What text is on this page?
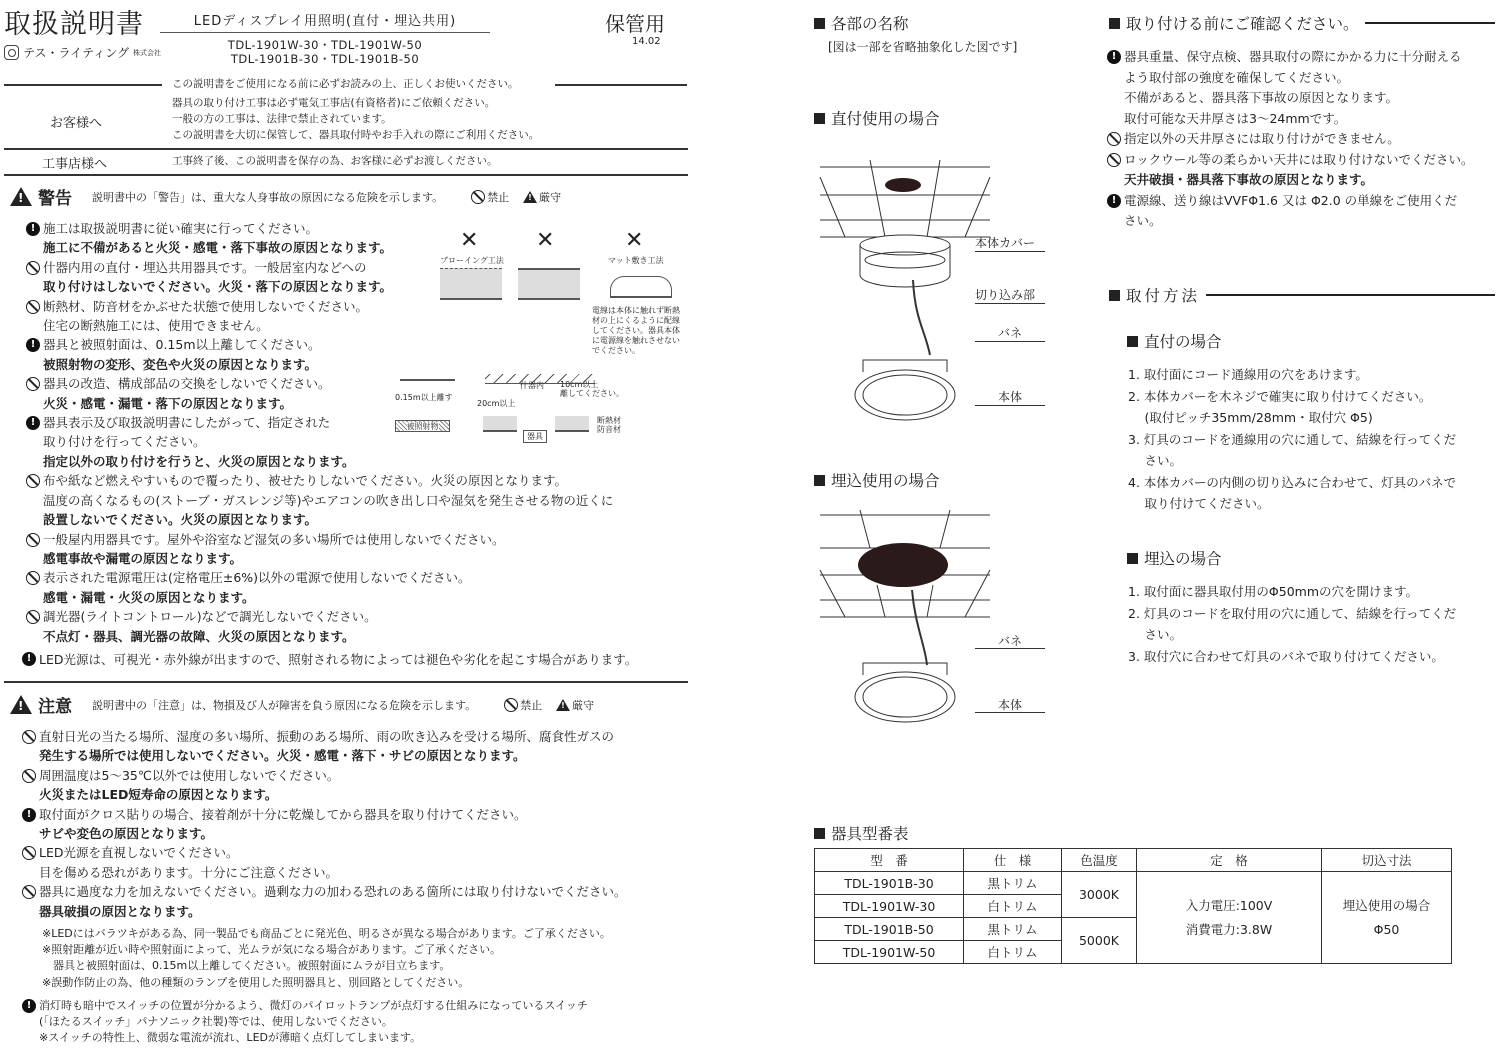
取扱説明書
テス・ライティング 株式会社
LEDディスプレイ用照明(直付・埋込共用)
TDL-1901W-30・TDL-1901W-50
TDL-1901B-30・TDL-1901B-50
保管用
14.02
この説明書をご使用になる前に必ずお読みの上、正しくお使いください。
お客様へ
器具の取り付け工事は必ず電気工事店(有資格者)にご依頼ください。
一般の方の工事は、法律で禁止されています。
この説明書を大切に保管して、器具取付時やお手入れの際にご利用ください。
工事店様へ	工事終了後、この説明書を保存の為、お客様に必ずお渡しください。
!
警告 説明書中の「警告」は、重大な人身事故の原因になる危険を示します。	禁止 !	厳守
! 施工は取扱説明書に従い確実に行ってください。
施工に不備があると火災・感電・落下事故の原因となります。
什器内用の直付・埋込共用器具です。一般居室内などへの
取り付けはしないでください。火災・落下の原因となります。
断熱材、防音材をかぶせた状態で使用しないでください。
住宅の断熱施工には、使用できません。
! 器具と被照射面は、0.15m以上離してください。
被照射物の変形、変色や火災の原因となります。
器具の改造、構成部品の交換をしないでください。
火災・感電・漏電・落下の原因となります。
! 器具表示及び取扱説明書にしたがって、指定された
取り付けを行ってください。
指定以外の取り付けを行うと、火災の原因となります。
布や紙など燃えやすいもので覆ったり、被せたりしないでください。火災の原因となります。
温度の高くなるもの(ストーブ・ガスレンジ等)やエアコンの吹き出し口や湿気を発生させる物の近くに
設置しないでください。火災の原因となります。
一般屋内用器具です。屋外や浴室など湿気の多い場所では使用しないでください。
感電事故や漏電の原因となります。
表示された電源電圧は(定格電圧±6%)以外の電源で使用しないでください。
感電・漏電・火災の原因となります。
調光器(ライトコントロール)などで調光しないでください。
不点灯・器具、調光器の故障、火災の原因となります。
✕
ブローイング工法
✕	✕
マット敷き工法
電線は本体に触れず断熱
材の上にくるように配線
してください。器具本体
に電源線を触れさせない
でください。
0.15m以上離す
被照射物
什器内 10cm以上
離してください。
20cm以上
器具
断熱材
防音材
! LED光源は、可視光・赤外線が出ますので、照射される物によっては褪色や劣化を起こす場合があります。
!
注意 説明書中の「注意」は、物損及び人が障害を負う原因になる危険を示します。	禁止 !	厳守
直射日光の当たる場所、湿度の多い場所、振動のある場所、雨の吹き込みを受ける場所、腐食性ガスの
発生する場所では使用しないでください。火災・感電・落下・サビの原因となります。
周囲温度は5〜35℃以外では使用しないでください。
火災またはLED短寿命の原因となります。
! 取付面がクロス貼りの場合、接着剤が十分に乾燥してから器具を取り付けてください。
サビや変色の原因となります。
LED光源を直視しないでください。
目を傷める恐れがあります。十分にご注意ください。
器具に過度な力を加えないでください。過剰な力の加わる恐れのある箇所には取り付けないでください。
器具破損の原因となります。
※LEDにはバラツキがある為、同一製品でも商品ごとに発光色、明るさが異なる場合があります。ご了承ください。
※照射距離が近い時や照射面によって、光ムラが気になる場合があります。ご了承ください。
　器具と被照射面は、0.15m以上離してください。被照射面にムラが目立ちます。
※誤動作防止の為、他の種類のランプを使用した照明器具と、別回路としてください。
! 消灯時も暗中でスイッチの位置が分かるよう、微灯のパイロットランプが点灯する仕組みになっているスイッチ
(「ほたるスイッチ」パナソニック社製)等では、使用しないでください。
※スイッチの特性上、微弱な電流が流れ、LEDが薄暗く点灯してしまいます。
各部の名称
[図は一部を省略抽象化した図です]
直付使用の場合
本体カバー
切り込み部
バネ
本体
埋込使用の場合
バネ
本体
取り付ける前にご確認ください。
! 器具重量、保守点検、器具取付の際にかかる力に十分耐える
よう取付部の強度を確保してください。
不備があると、器具落下事故の原因となります。
取付可能な天井厚さは3〜24mmです。
指定以外の天井厚さには取り付けができません。
ロックウール等の柔らかい天井には取り付けないでください。
天井破損・器具落下事故の原因となります。
! 電源線、送り線はVVFΦ1.6 又は Φ2.0 の単線をご使用くだ
さい。
取付方法
直付の場合
1. 取付面にコード通線用の穴をあけます。
2. 本体カバーを木ネジで確実に取り付けてください。
　 (取付ピッチ35mm/28mm・取付穴 Φ5)
3. 灯具のコードを通線用の穴に通して、結線を行ってくだ
　 さい。
4. 本体カバーの内側の切り込みに合わせて、灯具のバネで
　 取り付けてください。
埋込の場合
1. 取付面に器具取付用のΦ50mmの穴を開けます。
2. 灯具のコードを取付用の穴に通して、結線を行ってくだ
　 さい。
3. 取付穴に合わせて灯具のバネで取り付けてください。
器具型番表
型　番	仕　様	色温度	定　格	切込寸法
TDL-1901B-30	黒トリム	3000K	
入力電圧:100V
消費電力:3.8W

埋込使用の場合
Φ50

TDL-1901W-30	白トリム			
TDL-1901B-50	黒トリム	5000K		
TDL-1901W-50	白トリム			
